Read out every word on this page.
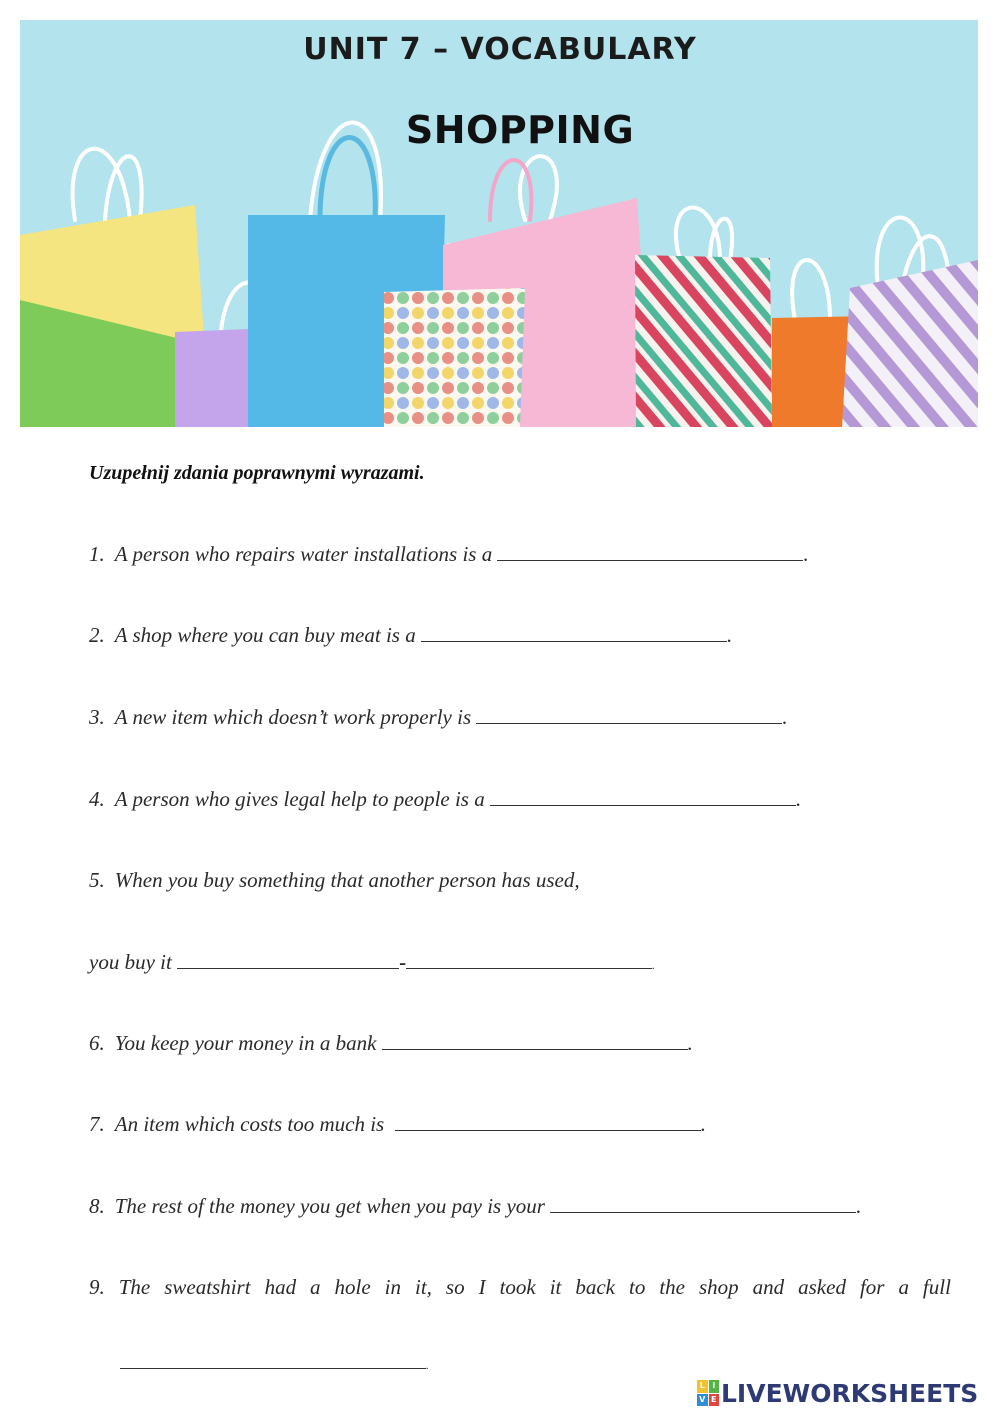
UNIT 7 – VOCABULARY
SHOPPING
Uzupełnij zdania poprawnymi wyrazami.
1. A person who repairs water installations is a	.
2. A shop where you can buy meat is a	.
3. A new item which doesn’t work properly is	.
4. A person who gives legal help to people is a	.
5. When you buy something that another person has used,
you buy it	-	.
6. You keep your money in a bank	.
7. An item which costs too much is	.
8. The rest of the money you get when you pay is your	.
9. The sweatshirt had a hole in it, so I took it back to the shop and asked for a full
.
L I
V E LIVEWORKSHEETS
